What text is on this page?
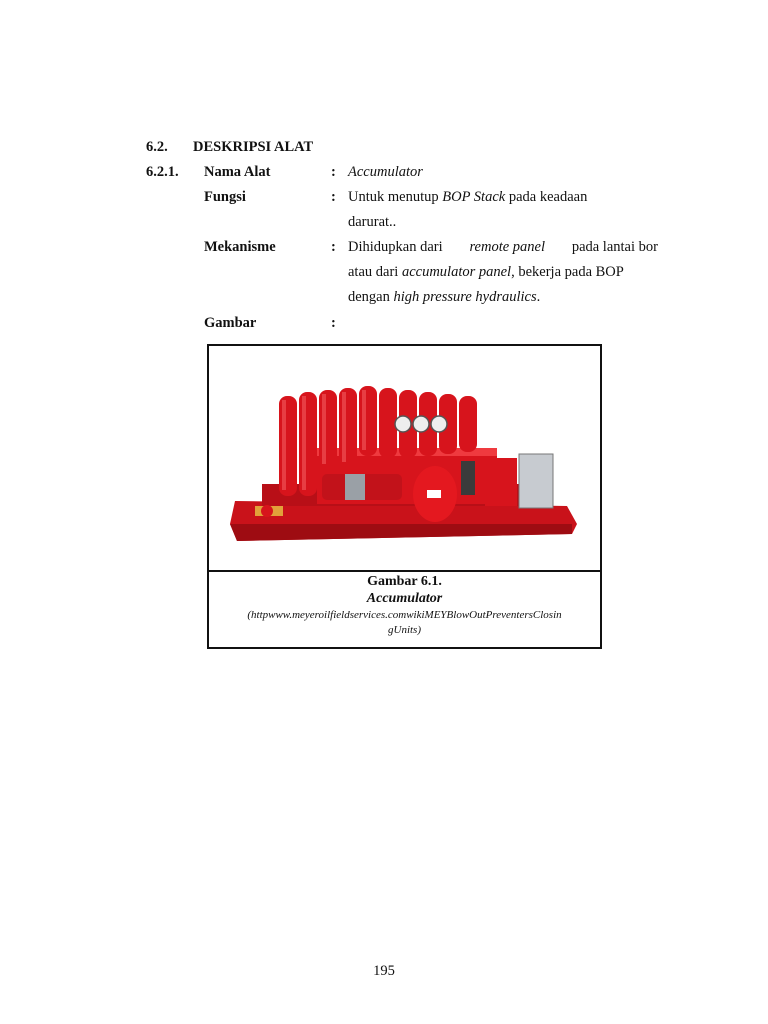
6.2. DESKRIPSI ALAT
6.2.1. Nama Alat	: Accumulator
Fungsi	: Untuk menutup BOP Stack pada keadaan
darurat..
Mekanisme	: Dihidupkan dari remote panel pada lantai bor
atau dari accumulator panel, bekerja pada BOP
dengan high pressure hydraulics.
Gambar	:
Gambar 6.1.
Accumulator
(httpwww.meyeroilfieldservices.comwikiMEYBlowOutPreventersClosin
gUnits)
195
